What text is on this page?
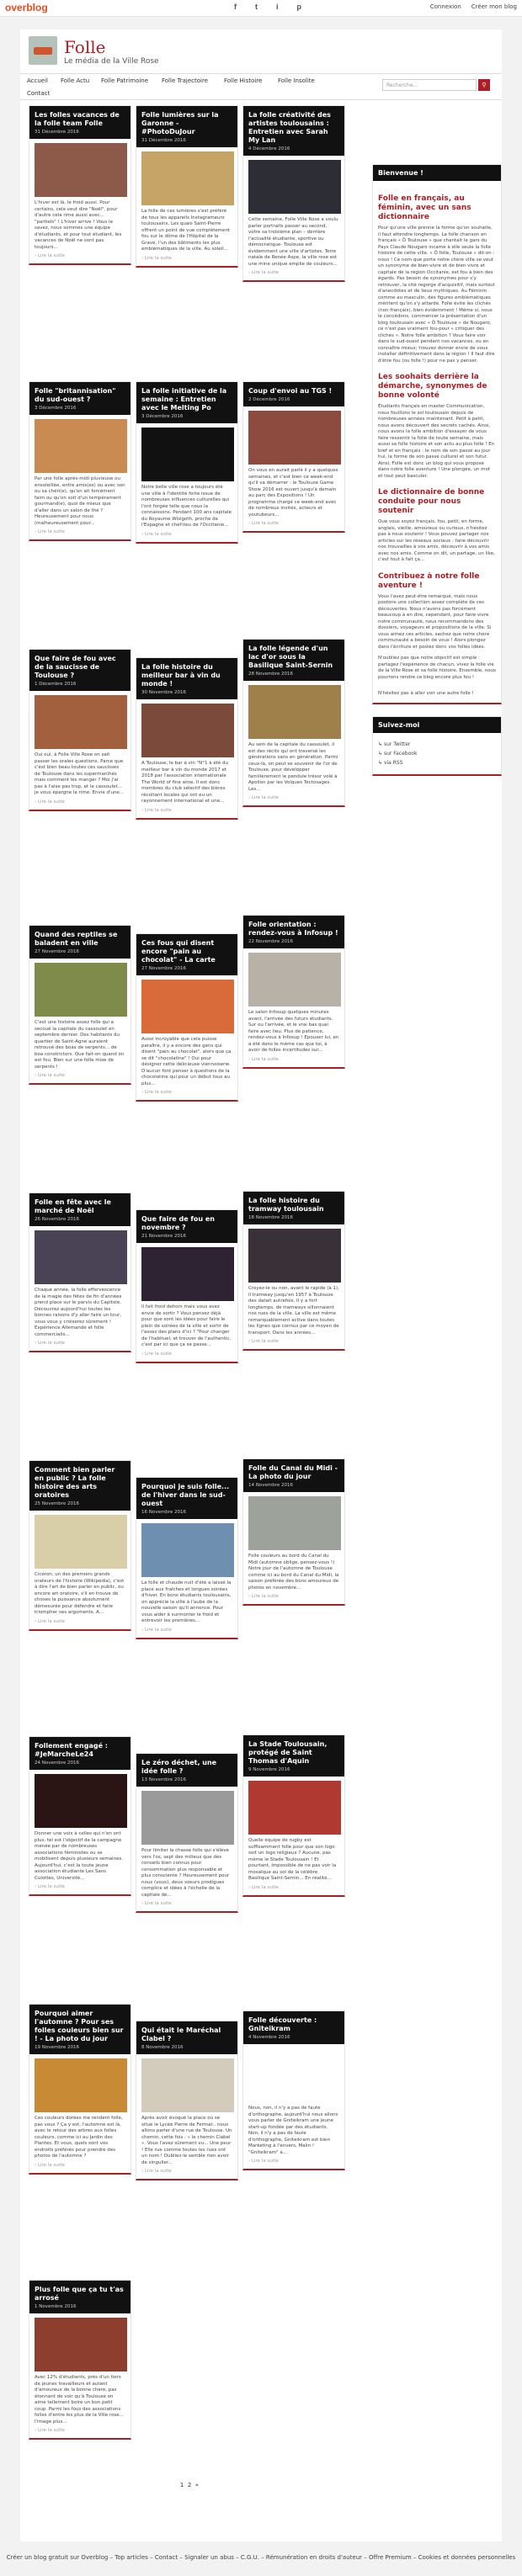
overblog	f t i p	Connexion Créer mon blog
Folle
Le média de la Ville Rose
Accueil Folle Actu Folle Patrimoine Folle Trajectoire	Folle Histoire	Folle Insolite
Contact
Recherche...	⚲
Les folles vacances de la folle team Folle
31 Décembre 2016
L'hiver est là, le froid aussi. Pour certains, cela veut dire "Noël", pour d'autre cela rime aussi avec... "partiels" ! L'hiver arrive ! Vous le savez, nous sommes une équipe d'étudiants, et pour tout étudiant, les vacances de Noël ne sont pas toujours...
› Lire la suite
Folle "britannisation" du sud-ouest ?
3 Décembre 2016
Par une folle après-midi pluvieuse ou ensoleillée, entre amis(es) ou avec son ou sa chéri(e), qu'on ait forcément faim ou qu'on soit d'un tempérament gourmand(e), quoi de mieux que d'aller dans un salon de thé ? Heureusement pour nous (malheureusement pour...
› Lire la suite
Que faire de fou avec de la saucisse de Toulouse ?
1 Décembre 2016
Oui oui, à Folle Ville Rose on sait passer les orales questions. Parce que c'est bien beau toutes ces saucisses de Toulouse dans les supermarchés mais comment les manger ? Moi j'ai pas à l'aise pas trop, et le cassoulet... je vous épargne la rime. Envie d'une...
› Lire la suite
Quand des reptiles se baladent en ville
27 Novembre 2016
C'est une histoire assez folle qui a secoué la capitale du cassoulet en septembre dernier. Des habitants du quartier de Saint-Agne auraient retrouvé des boas de serpents... de boa constrictors. Que fait-on quand on est fou. Bien sur une folle mise de serpents !
› Lire la suite
Folle en fête avec le marché de Noël
26 Novembre 2016
Chaque année, la folle effervescence de la magie des fêtes de fin d'années prend place sur le parvis du Capitole. Découvrez aujourd'hui toutes les bonnes raisons d'y aller faire un tour, vous vous y croiserez sûrement ! Expérience Allemande et folle commercialis...
› Lire la suite
Comment bien parler en public ? La folle histoire des arts oratoires
25 Novembre 2016
Cicéron, un des premiers grands orateurs de l'histoire (Wikipédia), c'est à dire l'art de bien parler en public, ou encore art oratoire, s'il en trouve de choses la puissance absolument démesurée pour défendre et faire triompher ses arguments. A...
› Lire la suite
Follement engagé : #JeMarcheLe24
24 Novembre 2016
Donner une voix à celles qui n'en ont plus, tel est l'objectif de la campagne menée par de nombreuses associations féministes ou se mobilisent depuis plusieurs semaines. Aujourd'hui, c'est la toute jeune association étudiante Les Sans Culottes, Université...
› Lire la suite
Pourquoi aimer l'automne ? Pour ses folles couleurs bien sur ! - La photo du jour
19 Novembre 2016
Ces couleurs dorées me rendent folle, pas vous ? Ça y est, l'automne est là, avec le retour des arbres aux folles couleurs, comme ici au Jardin des Plantes. Et vous, quels sont vos endroits préférés pour prendre des photos de l'automne ?
› Lire la suite
Plus folle que ça tu t'as arrosé
1 Novembre 2016
Avec 12% d'étudiants, près d'un tiers de jeunes travailleurs et autant d'amoureux de la bonne chère, pas étonnant de voir qu'à Toulouse on aime tellement boire un bon petit coup. Parmi les fous des associations folles d'entre les plus de la Ville rose... l'image plus...
› Lire la suite
Folle lumières sur la Garonne - #PhotoDuJour
31 Décembre 2016
La folle de ces lumières s'est préféré de tous les appareils Instagrameurs toulousains. Les quais Saint-Pierre offrent un point de vue complètement fou sur le dôme de l'Hôpital de la Grave, l'un des bâtiments les plus emblématiques de la ville. Au soleil...
› Lire la suite
La folle initiative de la semaine : Entretien avec le Melting Po
3 Décembre 2016
Notre belle ville rose a toujours été une ville à l'identité forte issue de nombreuses influences culturelles qui l'ont forgée telle que nous la connaissons. Pendant 100 ans capitale du Royaume Wisigoth, proche de l'Espagne et chef-lieu de l'Occitanie...
› Lire la suite
La folle histoire du meilleur bar à vin du monde !
30 Novembre 2016
A Toulouse, le bar à vin "N°1 à été du meilleur bar à vin du monde 2017 et 2018 par l'association internationale The World of fine wine. Il est donc membres du club sélectif des bières récoltant locales qui ont eu un rayonnement international et une...
› Lire la suite
Ces fous qui disent encore "pain au chocolat" - La carte
27 Novembre 2016
Aussi incroyable que cela puisse paraître, il y a encore des gens qui disent "pain au chocolat", alors que ça se dit "chocolatine" ! Oui pour désigner cette délicieuse viennoiserie. D'aucun font penser à questions de la chocolatine qui pour un début tous au plus...
› Lire la suite
Que faire de fou en novembre ?
21 Novembre 2016
Il fait froid dehors mais vous avez envie de sortir ? Vous pensez déjà pour que sont les idées pour faire le plein de soirées de la ville et sortir de l'assez des plans d'ici ? "Pour changer de l'habituel, et trouver de l'authentic, c'est par ici que ça se passe...
› Lire la suite
Pourquoi je suis folle... de l'hiver dans le sud-ouest
16 Novembre 2016
La folle et chaude nuit d'été a laissé la place aux fraîches et longues soirées d'hiver. En bons étudiants toulousains, on apprécie la ville à l'aube de la nouvelle saison qu'il annonce. Pour vous aider à surmonter le froid et entrevoir les premières...
› Lire la suite
Le zéro déchet, une idée folle ?
13 Novembre 2016
Pour limiter la chasse folle qui s'élève vers l'os, sept des milieux que des conseils bien connus pour consommation plus responsable et plus consciente ? Heureusement pour nous (vous), deux soeurs prodigues complice et idées à l'échelle de la capitale de...
› Lire la suite
Qui était le Maréchal Clabel ?
8 Novembre 2016
Après avoir évoqué la place où se situe le Lycée Pierre de Fermat.. nous allons parler d'une rue de Toulouse. Un chemin, cette fois : « le chemin Clabel ». Vous l'avez sûrement vu... Une peur ! Elle rue comme toutes les rues ont un nom ! Oubliez-le semble rien avoir de singulier...
› Lire la suite
La folle créativité des artistes toulousains : Entretien avec Sarah My Lan
4 Décembre 2016
Cette semaine, Folle Ville Rose a voulu parler portraits passer au second, votre sa troisième plan – derrière l'actualité étudiante, sportive ou démocratique- Toulouse est évidemment une ville d'artistes. Terre natale de Renée Aspe, la ville rose est une mine unique emplie de couleurs...
› Lire la suite
Coup d'envoi au TGS !
2 Décembre 2016
On vous en aurait parlé il y a quelques semaines, et c'est bien ce week-end qu'il va démarrer : le Toulouse Game Show 2016 est ouvert jusqu'à demain au parc des Expositions ! Un programme chargé ce week-end avec de nombreux invités, acteurs et youtubeurs...
› Lire la suite
La folle légende d'un lac d'or sous la Basilique Saint-Sernin
28 Novembre 2016
Au sein de la capitale du cassoulet, il est des récits qui ont traversé les générations sans en génération. Parmi ceux-là, on peut se souvenir de l'or de Toulouse, pour développer familièrement le pendule trésor volé à Apollon par les Volques Tectosages. Les...
› Lire la suite
Folle orientation : rendez-vous à Infosup !
22 Novembre 2016
Le salon Infosup quelques minutes avant, l'arrivée des futurs étudiants. Sur ou l'arrivée, et le vrai bas quai faire avec lieu. Plus de patience, rendez-vous à Infosup ! Epouser lui, en a été dans le même cas que toi, à avoir de folles incertitudes sur...
› Lire la suite
La folle histoire du tramway toulousain
18 Novembre 2016
Croyez-le ou non, avant le rapide (à 1), il tramway jusqu'en 1957 à Toulouse des datait autrefois. Il y a fort longtemps, de tramways sillonnaient nos rues de la ville. La ville est même remarquablement active dans toutes les lignes que connus par ce moyen de transport. Dans les années...
› Lire la suite
Folle du Canal du Midi - La photo du jour
14 Novembre 2016
Folle couleurs au bord du Canal du Midi (automne oblige, pensez-vous !) Notre jour de l'automne de Toulouse comme ici au bord du Canal du Midi, la saison préférée des bons amoureux de photos en novembre...
› Lire la suite
La Stade Toulousain, protégé de Saint Thomas d'Aquin
9 Novembre 2016
Quelle équipe de rugby est suffisamment folle pour que son logo soit un logo religieux ? Aucune, pas même le Stade Toulousain ! Et pourtant, impossible de ne pas voir la mosaïque au sol de la célèbre Basilique Saint-Sernin... En réalité...
› Lire la suite
Folle découverte : Gniteikram
4 Novembre 2016
Nous, non, il n'y a pas de faute d'orthographe, aujourd'hui nous allons vous parler de Gniteikram une jeune start-up fondée par des étudiants. Non, il n'y a pas de faute d'orthographe, Gniteikram est bien Marketing à l'envers, Malin ! "Gniteikram" a...
› Lire la suite
Bienvenue !
Folle en français, au féminin, avec un sans dictionnaire

Pour qu'une ville prenne la forme qu'on souhaite, il faut attendre longtemps. La folle chanson en français « Ô Toulouse » que chantait le gars du Pays Claude Nougaro incarne à elle seule la folle histoire de cette ville. « Ô folle, Toulouse » dit-on : nous ! Ce nom que porte notre chère ville se veut un synonyme de bien-vivre et de bien vivre et capitale de la région Occitanie, est fou à bien des égards. Pas besoin de synonymes pour s'y retrouver, la cité regorge d'acquisitif, mais surtout d'anecdotes et de lieux mythiques. Au Féminin comme au masculin, des figures emblématiques méritent qu'on s'y attarde. Folle évite les clichés (non-français), bien évidemment ! Même si, nous le concédons, commencer la présentation d'un blog toulousain avec « Ô Toulouse » de Nougaro, ce n'est pas vraiment fou-pour « critiquer des clichés ». Notre folle ambition ? Vous faire voir dans le sud-ouest pendant nos vacances, ou en connaître mieux; trouvez donner envie de vous installer définitivement dans la région ! Il faut dire d'être fou (ou folle !) pour ne pas y penser.

Les soohaits derrière la démarche, synonymes de bonne volonté

Étudiants français en master Communication, nous fouillons le sol toulousain depuis de nombreuses années maintenant. Petit à petit, nous avons découvert des secrets cachés. Ainsi, nous avons la folle ambition d'essayer de vous faire ressentir la folie de toute semaine, mais aussi sa folle histoire et son actu au plus folle ! En bref et en français : le nom de son passé au jour hui, la forme de son passé culturel et son futur. Ainsi, Folle est donc un blog qui vous propose dans notre folle aventure ! Une plongée, un mot et tout peut basculer.

Le dictionnaire de bonne conduite pour nous soutenir

Que vous soyez français, fou, petit, en forme, anglais, vieille, amoureux ou curieux, n'hésitez pas à nous soutenir ! Vous pouvez partager nos articles sur les réseaux sociaux : faire découvrir nos trouvailles à vos amis, découvrir à vos amis avec nos amis. Comme on dit, un partage, un like, c'est tout à fait ça...

Contribuez à notre folle aventure !

Vous l'avez peut-être remarqué, mais nous postons une collection assez complète de ces découvertes. Nous n'avons pas forcément beaucoup à en dire, cependant, pour faire vivre notre communauté, nous recommandons des dossiers, voyageurs et propositions de la ville. Si vous aimez ces articles, sachez que notre chère communauté a besoin de vous ! Alors plongez dans l'écriture et postez donc vos folles idées.

N'oubliez pas que notre objectif est simple : partagez l'expérience de chacun, vivez la folle vie de la Ville Rose et sa folle histoire. Ensemble, nous pourrons rendre ce blog encore plus fou !

N'hésitez pas à aller voir une autre folle !

Suivez-moi
↳ sur Twitter
↳ sur Facebook
↳ via RSS
1 2 »
Créer un blog gratuit sur Overblog – Top articles – Contact – Signaler un abus – C.G.U. – Rémunération en droits d'auteur – Offre Premium – Cookies et données personnelles
